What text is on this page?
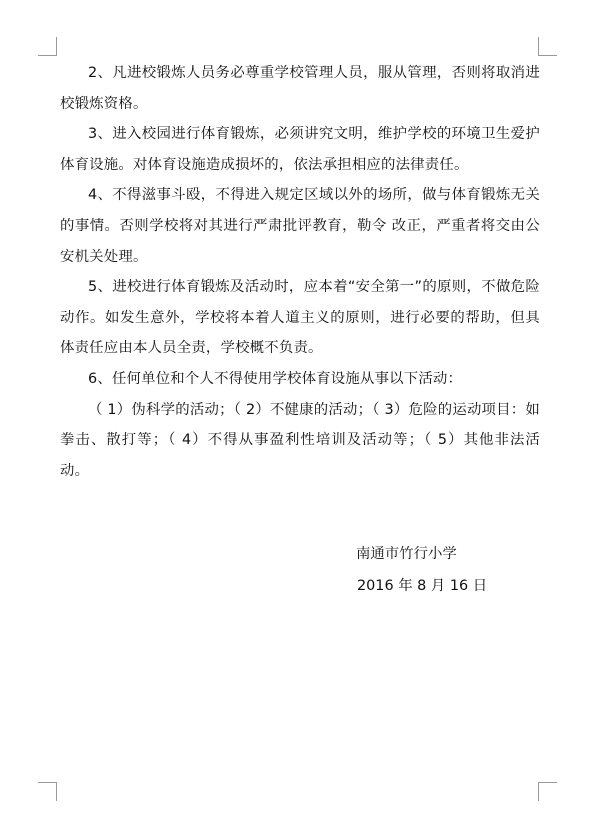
2、凡进校锻炼人员务必尊重学校管理人员，服从管理，否则将取消进校锻炼资格。

3、进入校园进行体育锻炼，必须讲究文明，维护学校的环境卫生爱护体育设施。对体育设施造成损坏的，依法承担相应的法律责任。

4、不得滋事斗殴，不得进入规定区域以外的场所，做与体育锻炼无关的事情。否则学校将对其进行严肃批评教育，勒令 改正，严重者将交由公安机关处理。

5、进校进行体育锻炼及活动时，应本着“安全第一”的原则，不做危险动作。如发生意外，学校将本着人道主义的原则，进行必要的帮助，但具体责任应由本人员全责，学校概不负责。

6、任何单位和个人不得使用学校体育设施从事以下活动：

（ 1）伪科学的活动；（ 2）不健康的活动；（ 3）危险的运动项目：如拳击、散打等；（ 4）不得从事盈利性培训及活动等；（ 5）其他非法活动。

南通市竹行小学
2016 年 8 月 16 日
